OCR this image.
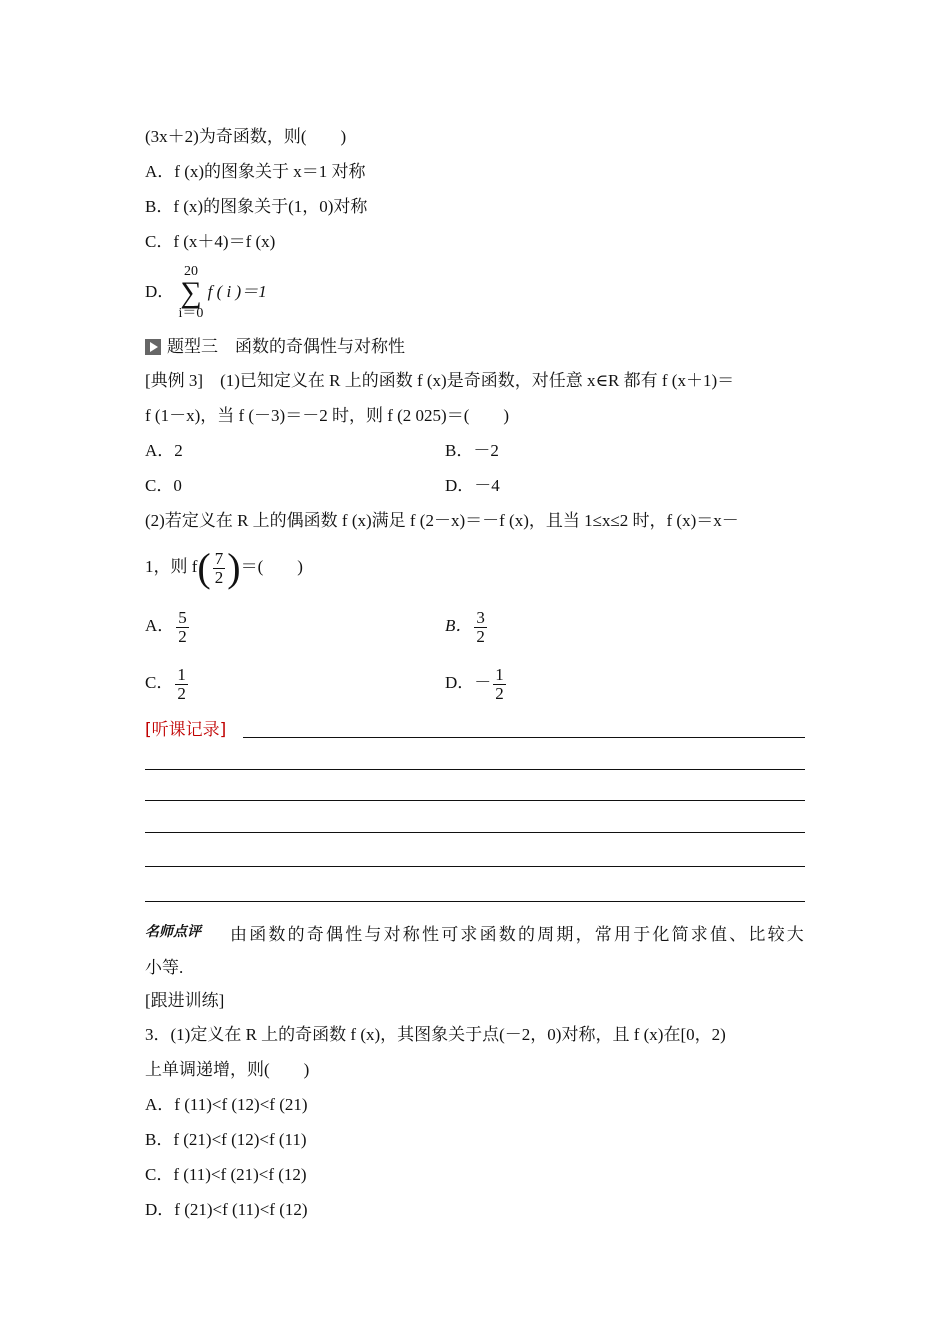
(3x＋2)为奇函数，则(　　)
A．f (x)的图象关于 x＝1 对称
B．f (x)的图象关于(1，0)对称
C．f (x＋4)＝f (x)
D．
20
∑
i＝0
f ( i )＝1
题型三　函数的奇偶性与对称性
[典例 3]　(1)已知定义在 R 上的函数 f (x)是奇函数，对任意 x∈R 都有 f (x＋1)＝
f (1－x)，当 f (－3)＝－2 时，则 f (2 025)＝(　　)
A．2	B．－2
C．0	D．－4
(2)若定义在 R 上的偶函数 f (x)满足 f (2－x)＝－f (x)，且当 1≤x≤2 时，f (x)＝x－
1，则 $f( \frac{7}{2}$ )＝(　　)
A． $\frac{5}{2}$	B． $\frac{3}{2}$
C． $\frac{1}{2}$	D．－ $\frac{1}{2}$
[听课记录]
名师点评 由函数的奇偶性与对称性可求函数的周期，常用于化简求值、比较大
小等.
[跟进训练]
3．(1)定义在 R 上的奇函数 f (x)，其图象关于点(－2，0)对称，且 f (x)在[0，2)
上单调递增，则(　　)
A．f (11)<f (12)<f (21)
B．f (21)<f (12)<f (11)
C．f (11)<f (21)<f (12)
D．f (21)<f (11)<f (12)
